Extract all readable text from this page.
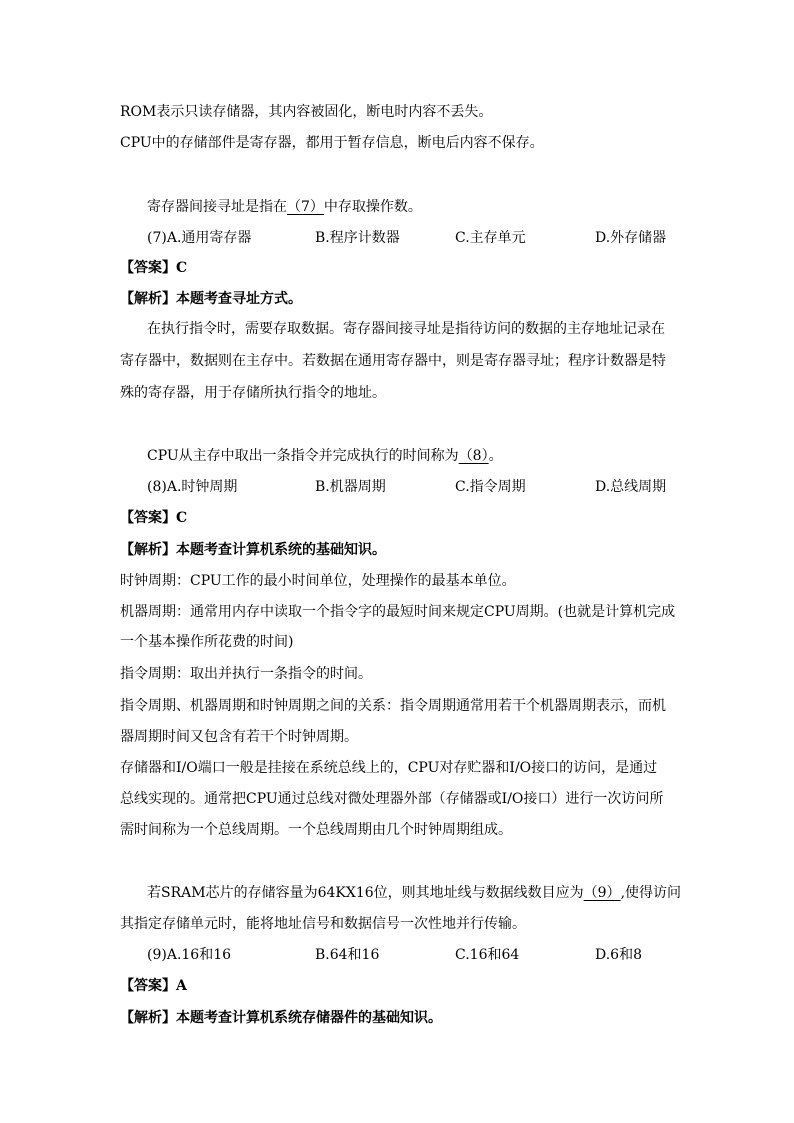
ROM表示只读存储器，其内容被固化，断电时内容不丢失。
CPU中的存储部件是寄存器，都用于暂存信息，断电后内容不保存。
寄存器间接寻址是指在（7）中存取操作数。
(7)A.通用寄存器	B.程序计数器	C.主存单元	D.外存储器
【答案】C
【解析】本题考查寻址方式。
在执行指令时，需要存取数据。寄存器间接寻址是指待访问的数据的主存地址记录在
寄存器中，数据则在主存中。若数据在通用寄存器中，则是寄存器寻址；程序计数器是特
殊的寄存器，用于存储所执行指令的地址。
CPU从主存中取出一条指令并完成执行的时间称为（8）。
(8)A.时钟周期	B.机器周期	C.指令周期	D.总线周期
【答案】C
【解析】本题考查计算机系统的基础知识。
时钟周期：CPU工作的最小时间单位，处理操作的最基本单位。
机器周期：通常用内存中读取一个指令字的最短时间来规定CPU周期。(也就是计算机完成
一个基本操作所花费的时间)
指令周期：取出并执行一条指令的时间。
指令周期、机器周期和时钟周期之间的关系：指令周期通常用若干个机器周期表示，而机
器周期时间又包含有若干个时钟周期。
存储器和I/O端口一般是挂接在系统总线上的，CPU对存贮器和I/O接口的访问，是通过
总线实现的。通常把CPU通过总线对微处理器外部（存储器或I/O接口）进行一次访问所
需时间称为一个总线周期。一个总线周期由几个时钟周期组成。
若SRAM芯片的存储容量为64KX16位，则其地址线与数据线数目应为（9）,使得访问
其指定存储单元时，能将地址信号和数据信号一次性地并行传输。
(9)A.16和16	B.64和16	C.16和64	D.6和8
【答案】A
【解析】本题考查计算机系统存储器件的基础知识。
